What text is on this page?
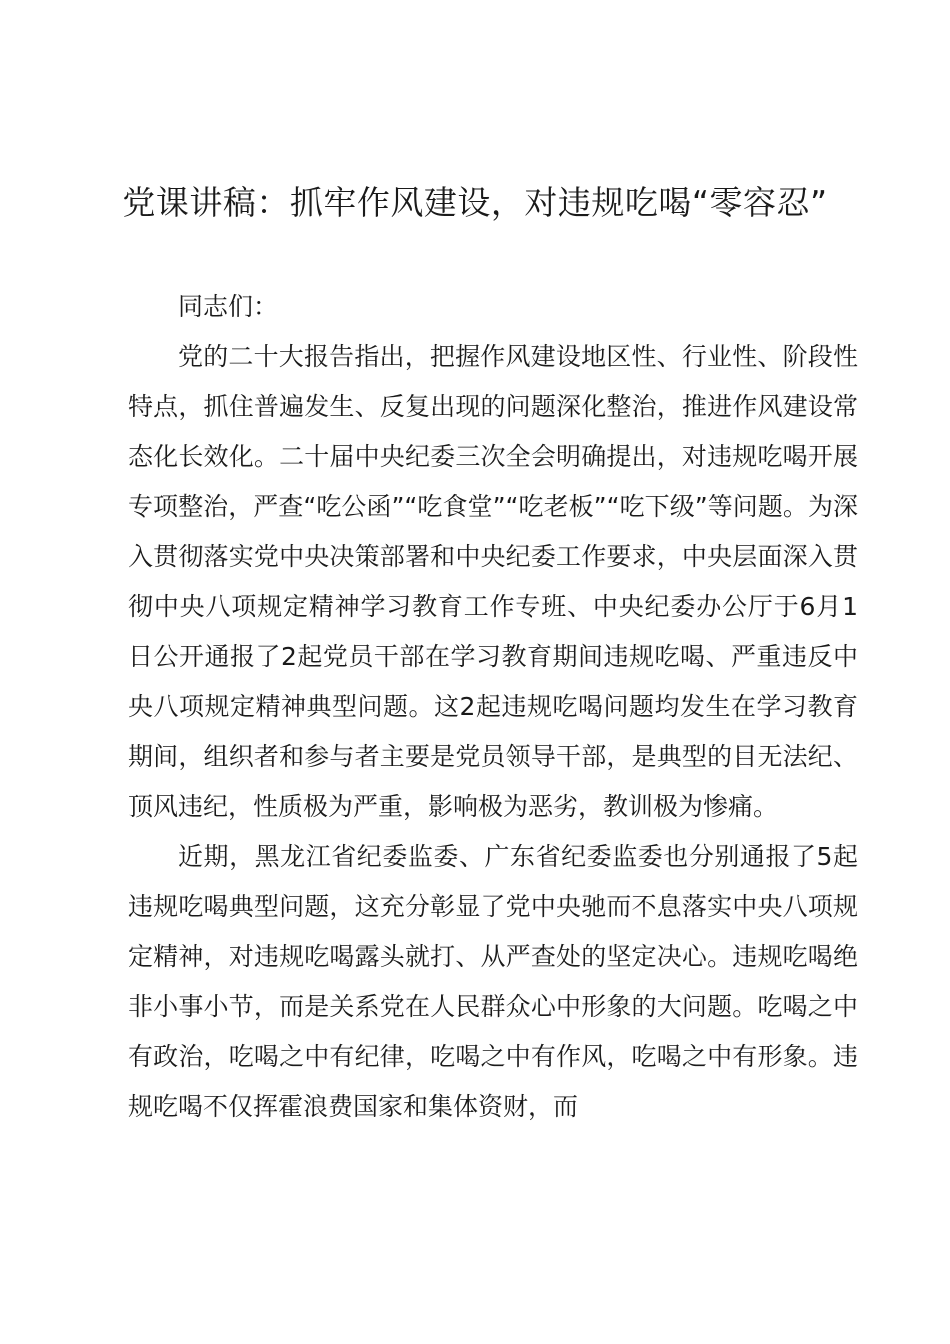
党课讲稿：抓牢作风建设，对违规吃喝“零容忍”

同志们：

党的二十大报告指出，把握作风建设地区性、行业性、阶段性特点，抓住普遍发生、反复出现的问题深化整治，推进作风建设常态化长效化。二十届中央纪委三次全会明确提出，对违规吃喝开展专项整治，严查“吃公函”“吃食堂”“吃老板”“吃下级”等问题。为深入贯彻落实党中央决策部署和中央纪委工作要求，中央层面深入贯彻中央八项规定精神学习教育工作专班、中央纪委办公厅于6月1日公开通报了2起党员干部在学习教育期间违规吃喝、严重违反中央八项规定精神典型问题。这2起违规吃喝问题均发生在学习教育期间，组织者和参与者主要是党员领导干部，是典型的目无法纪、顶风违纪，性质极为严重，影响极为恶劣，教训极为惨痛。

近期，黑龙江省纪委监委、广东省纪委监委也分别通报了5起违规吃喝典型问题，这充分彰显了党中央驰而不息落实中央八项规定精神，对违规吃喝露头就打、从严查处的坚定决心。违规吃喝绝非小事小节，而是关系党在人民群众心中形象的大问题。吃喝之中有政治，吃喝之中有纪律，吃喝之中有作风，吃喝之中有形象。违规吃喝不仅挥霍浪费国家和集体资财，而
